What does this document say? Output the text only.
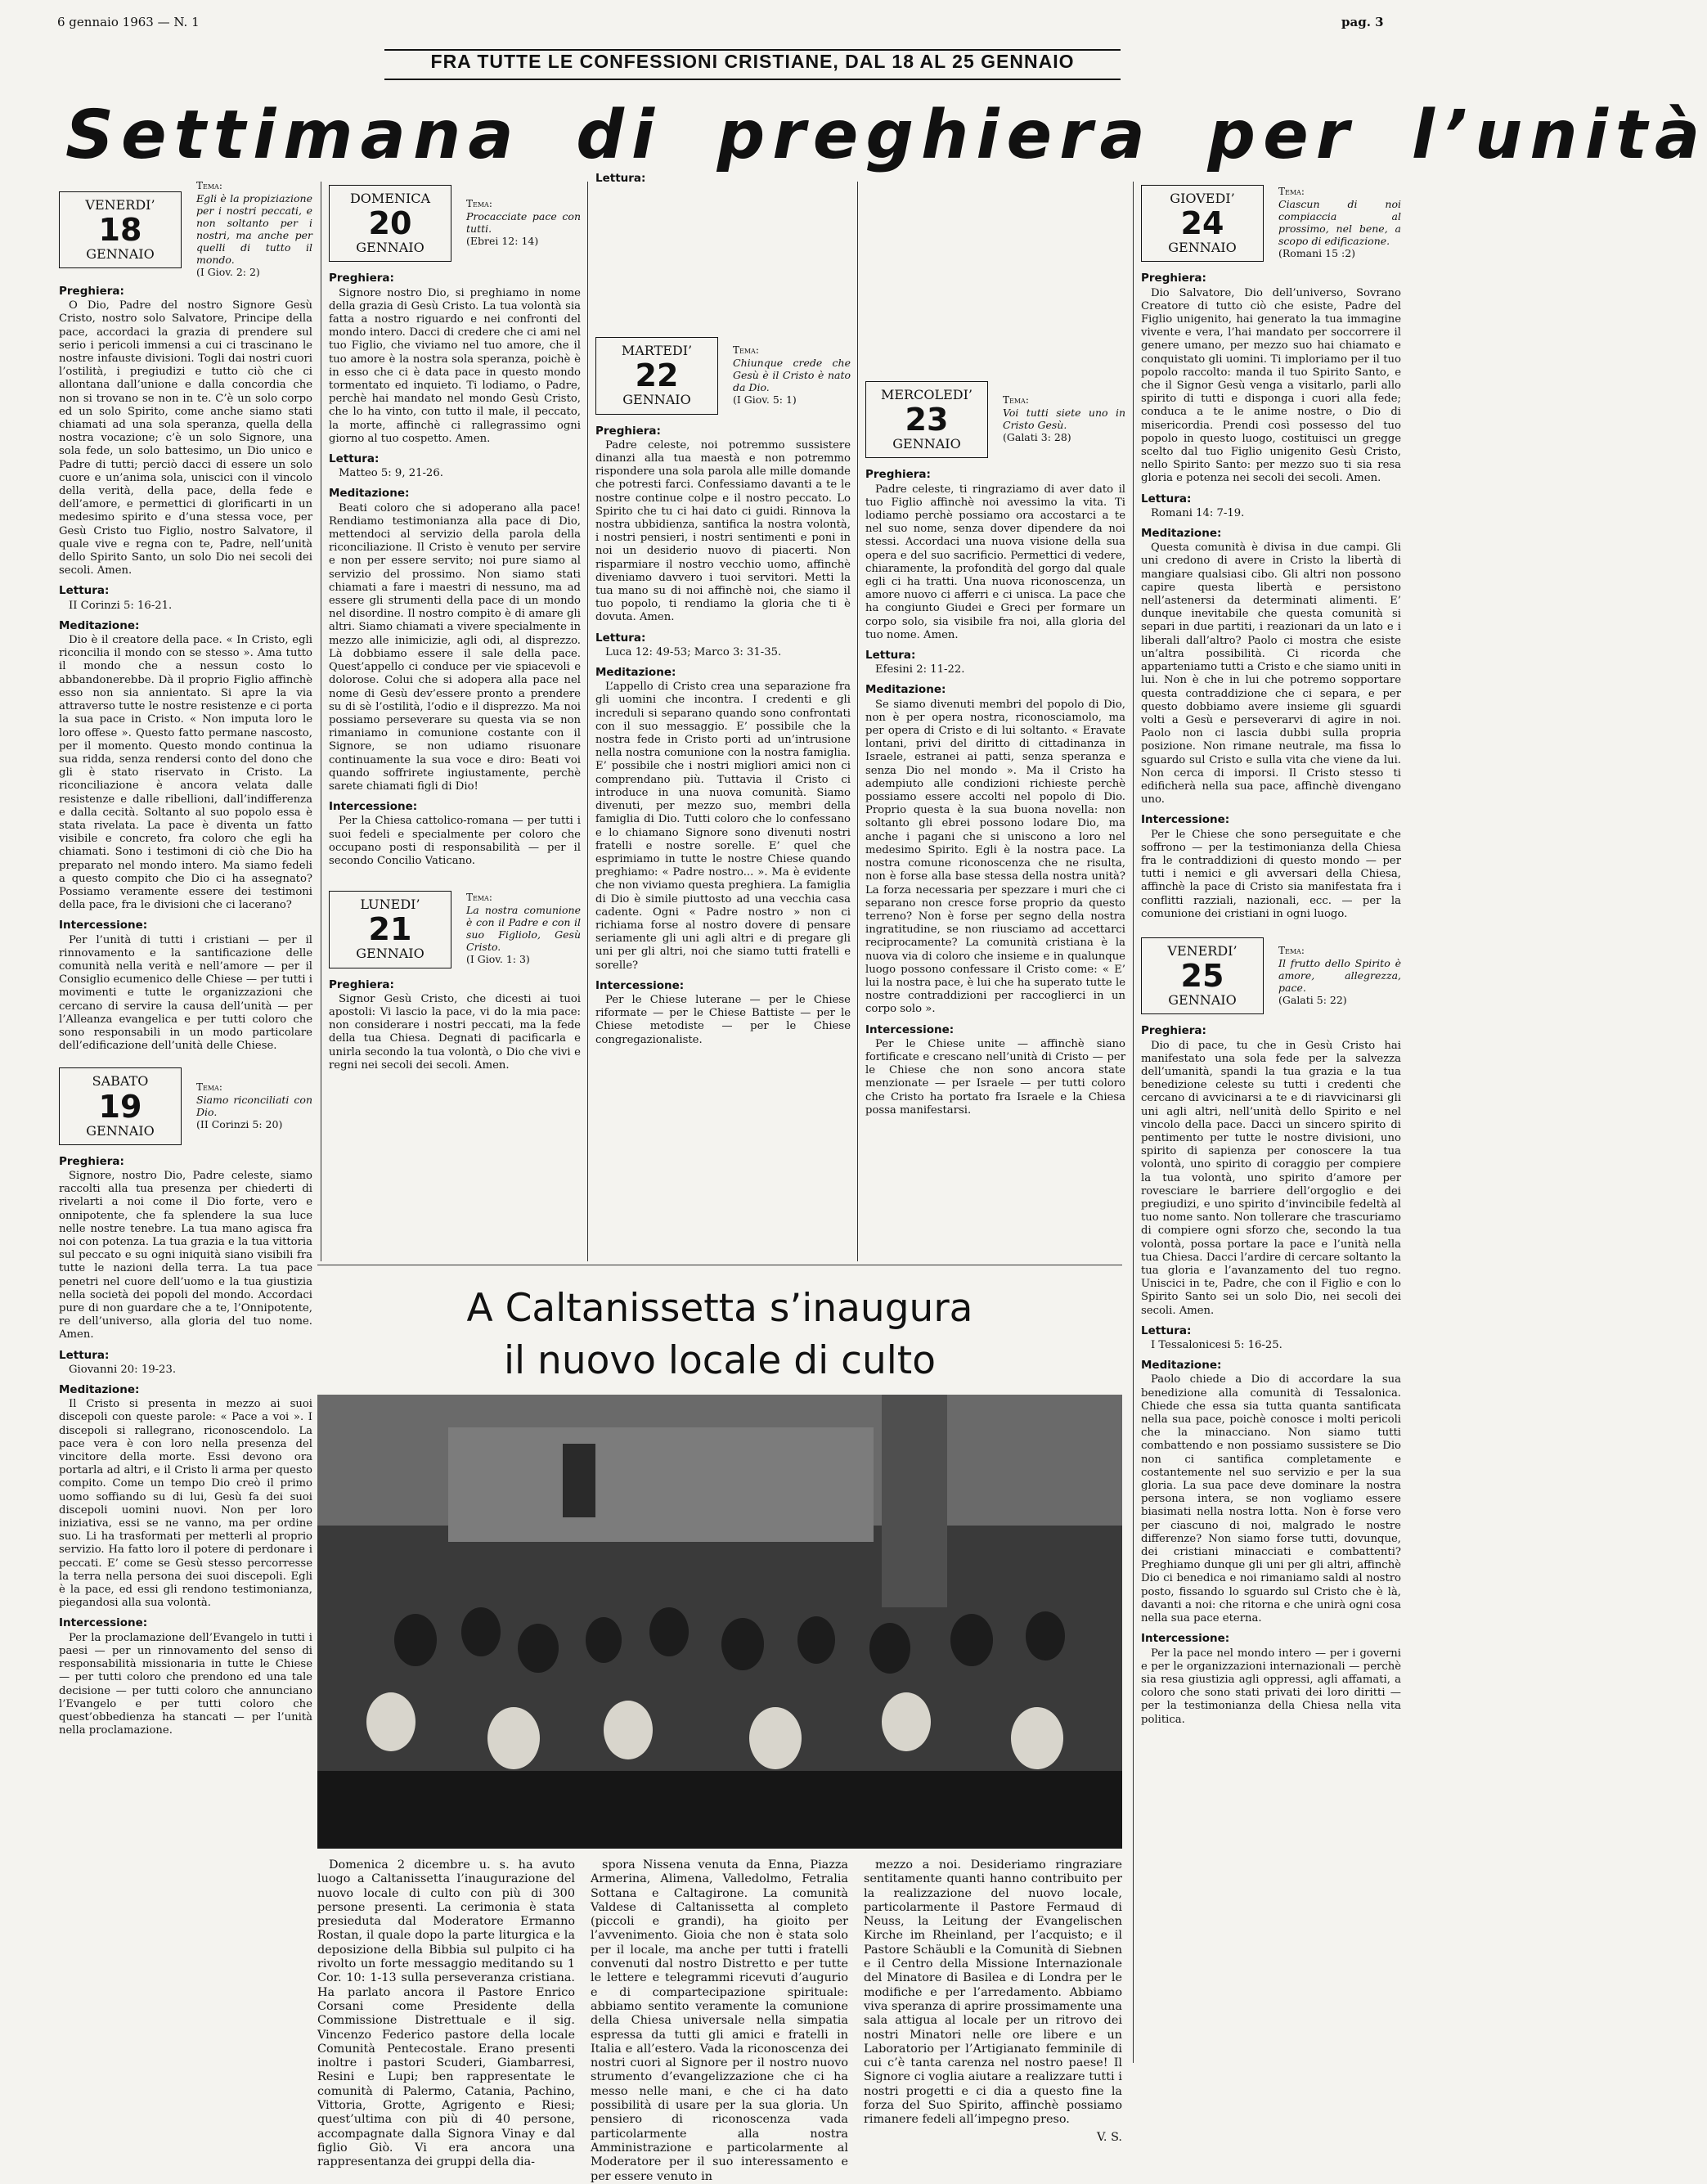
6 gennaio 1963 — N. 1	pag. 3
FRA TUTTE LE CONFESSIONI CRISTIANE, DAL 18 AL 25 GENNAIO
Settimana di preghiera per l’unità
VENERDI’
18
GENNAIO
Tema:
Egli è la propiziazione per i nostri peccati, e non soltanto per i nostri, ma anche per quelli di tutto il mondo.
(I Giov. 2: 2)
Preghiera:

O Dio, Padre del nostro Signore Gesù Cristo, nostro solo Salvatore, Principe della pace, accordaci la grazia di prendere sul serio i pericoli immensi a cui ci trascinano le nostre infauste divisioni. Togli dai nostri cuori l’ostilità, i pregiudizi e tutto ciò che ci allontana dall’unione e dalla concordia che non si trovano se non in te. C’è un solo corpo ed un solo Spirito, come anche siamo stati chiamati ad una sola speranza, quella della nostra vocazione; c’è un solo Signore, una sola fede, un solo battesimo, un Dio unico e Padre di tutti; perciò dacci di essere un solo cuore e un’anima sola, uniscici con il vincolo della verità, della pace, della fede e dell’amore, e permettici di glorificarti in un medesimo spirito e d’una stessa voce, per Gesù Cristo tuo Figlio, nostro Salvatore, il quale vive e regna con te, Padre, nell’unità dello Spirito Santo, un solo Dio nei secoli dei secoli. Amen.

Lettura:
II Corinzi 5: 16-21.
Meditazione:

Dio è il creatore della pace. « In Cristo, egli riconcilia il mondo con se stesso ». Ama tutto il mondo che a nessun costo lo abbandonerebbe. Dà il proprio Figlio affinchè esso non sia annientato. Si apre la via attraverso tutte le nostre resistenze e ci porta la sua pace in Cristo. « Non imputa loro le loro offese ». Questo fatto permane nascosto, per il momento. Questo mondo continua la sua ridda, senza rendersi conto del dono che gli è stato riservato in Cristo. La riconciliazione è ancora velata dalle resistenze e dalle ribellioni, dall’indifferenza e dalla cecità. Soltanto al suo popolo essa è stata rivelata. La pace è diventa un fatto visibile e concreto, fra coloro che egli ha chiamati. Sono i testimoni di ciò che Dio ha preparato nel mondo intero. Ma siamo fedeli a questo compito che Dio ci ha assegnato? Possiamo veramente essere dei testimoni della pace, fra le divisioni che ci lacerano?

Intercessione:

Per l’unità di tutti i cristiani — per il rinnovamento e la santificazione delle comunità nella verità e nell’amore — per il Consiglio ecumenico delle Chiese — per tutti i movimenti e tutte le organizzazioni che cercano di servire la causa dell’unità — per l’Alleanza evangelica e per tutti coloro che sono responsabili in un modo particolare dell’edificazione dell’unità delle Chiese.

SABATO
19
GENNAIO
Tema:
Siamo riconciliati con Dio.
(II Corinzi 5: 20)
Preghiera:

Signore, nostro Dio, Padre celeste, siamo raccolti alla tua presenza per chiederti di rivelarti a noi come il Dio forte, vero e onnipotente, che fa splendere la sua luce nelle nostre tenebre. La tua mano agisca fra noi con potenza. La tua grazia e la tua vittoria sul peccato e su ogni iniquità siano visibili fra tutte le nazioni della terra. La tua pace penetri nel cuore dell’uomo e la tua giustizia nella società dei popoli del mondo. Accordaci pure di non guardare che a te, l’Onnipotente, re dell’universo, alla gloria del tuo nome. Amen.

Lettura:
Giovanni 20: 19-23.
Meditazione:

Il Cristo si presenta in mezzo ai suoi discepoli con queste parole: « Pace a voi ». I discepoli si rallegrano, riconoscendolo. La pace vera è con loro nella presenza del vincitore della morte. Essi devono ora portarla ad altri, e il Cristo li arma per questo compito. Come un tempo Dio creò il primo uomo soffiando su di lui, Gesù fa dei suoi discepoli uomini nuovi. Non per loro iniziativa, essi se ne vanno, ma per ordine suo. Li ha trasformati per metterli al proprio servizio. Ha fatto loro il potere di perdonare i peccati. E’ come se Gesù stesso percorresse la terra nella persona dei suoi discepoli. Egli è la pace, ed essi gli rendono testimonianza, piegandosi alla sua volontà.

Intercessione:

Per la proclamazione dell’Evangelo in tutti i paesi — per un rinnovamento del senso di responsabilità missionaria in tutte le Chiese — per tutti coloro che prendono ed una tale decisione — per tutti coloro che annunciano l’Evangelo e per tutti coloro che quest’obbedienza ha stancati — per l’unità nella proclamazione.

DOMENICA
20
GENNAIO
Tema:
Procacciate pace con tutti.
(Ebrei 12: 14)
Preghiera:

Signore nostro Dio, si preghiamo in nome della grazia di Gesù Cristo. La tua volontà sia fatta a nostro riguardo e nei confronti del mondo intero. Dacci di credere che ci ami nel tuo Figlio, che viviamo nel tuo amore, che il tuo amore è la nostra sola speranza, poichè è in esso che ci è data pace in questo mondo tormentato ed inquieto. Ti lodiamo, o Padre, perchè hai mandato nel mondo Gesù Cristo, che lo ha vinto, con tutto il male, il peccato, la morte, affinchè ci rallegrassimo ogni giorno al tuo cospetto. Amen.

Lettura:
Matteo 5: 9, 21-26.
Meditazione:

Beati coloro che si adoperano alla pace! Rendiamo testimonianza alla pace di Dio, mettendoci al servizio della parola della riconciliazione. Il Cristo è venuto per servire e non per essere servito; noi pure siamo al servizio del prossimo. Non siamo stati chiamati a fare i maestri di nessuno, ma ad essere gli strumenti della pace di un mondo nel disordine. Il nostro compito è di amare gli altri. Siamo chiamati a vivere specialmente in mezzo alle inimicizie, agli odi, al disprezzo. Là dobbiamo essere il sale della pace. Quest’appello ci conduce per vie spiacevoli e dolorose. Colui che si adopera alla pace nel nome di Gesù dev’essere pronto a prendere su di sè l’ostilità, l’odio e il disprezzo. Ma noi possiamo perseverare su questa via se non rimaniamo in comunione costante con il Signore, se non udiamo risuonare continuamente la sua voce e diro: Beati voi quando soffrirete ingiustamente, perchè sarete chiamati figli di Dio!

Intercessione:

Per la Chiesa cattolico-romana — per tutti i suoi fedeli e specialmente per coloro che occupano posti di responsabilità — per il secondo Concilio Vaticano.

LUNEDI’
21
GENNAIO
Tema:
La nostra comunione è con il Padre e con il suo Figliolo, Gesù Cristo.
(I Giov. 1: 3)
Preghiera:

Signor Gesù Cristo, che dicesti ai tuoi apostoli: Vi lascio la pace, vi do la mia pace: non considerare i nostri peccati, ma la fede della tua Chiesa. Degnati di pacificarla e unirla secondo la tua volontà, o Dio che vivi e regni nei secoli dei secoli. Amen.

Lettura:
MARTEDI’
22
GENNAIO
Tema:
Chiunque crede che Gesù è il Cristo è nato da Dio.
(I Giov. 5: 1)
Preghiera:

Padre celeste, noi potremmo sussistere dinanzi alla tua maestà e non potremmo rispondere una sola parola alle mille domande che potresti farci. Confessiamo davanti a te le nostre continue colpe e il nostro peccato. Lo Spirito che tu ci hai dato ci guidi. Rinnova la nostra ubbidienza, santifica la nostra volontà, i nostri pensieri, i nostri sentimenti e poni in noi un desiderio nuovo di piacerti. Non risparmiare il nostro vecchio uomo, affinchè diveniamo davvero i tuoi servitori. Metti la tua mano su di noi affinchè noi, che siamo il tuo popolo, ti rendiamo la gloria che ti è dovuta. Amen.

Lettura:
Luca 12: 49-53; Marco 3: 31-35.
Meditazione:

L’appello di Cristo crea una separazione fra gli uomini che incontra. I credenti e gli increduli si separano quando sono confrontati con il suo messaggio. E’ possibile che la nostra fede in Cristo porti ad un’intrusione nella nostra comunione con la nostra famiglia. E’ possibile che i nostri migliori amici non ci comprendano più. Tuttavia il Cristo ci introduce in una nuova comunità. Siamo divenuti, per mezzo suo, membri della famiglia di Dio. Tutti coloro che lo confessano e lo chiamano Signore sono divenuti nostri fratelli e nostre sorelle. E’ quel che esprimiamo in tutte le nostre Chiese quando preghiamo: « Padre nostro... ». Ma è evidente che non viviamo questa preghiera. La famiglia di Dio è simile piuttosto ad una vecchia casa cadente. Ogni « Padre nostro » non ci richiama forse al nostro dovere di pensare seriamente gli uni agli altri e di pregare gli uni per gli altri, noi che siamo tutti fratelli e sorelle?

Intercessione:

Per le Chiese luterane — per le Chiese riformate — per le Chiese Battiste — per le Chiese metodiste — per le Chiese congregazionaliste.

MERCOLEDI’
23
GENNAIO
Tema:
Voi tutti siete uno in Cristo Gesù.
(Galati 3: 28)
Preghiera:

Padre celeste, ti ringraziamo di aver dato il tuo Figlio affinchè noi avessimo la vita. Ti lodiamo perchè possiamo ora accostarci a te nel suo nome, senza dover dipendere da noi stessi. Accordaci una nuova visione della sua opera e del suo sacrificio. Permettici di vedere, chiaramente, la profondità del gorgo dal quale egli ci ha tratti. Una nuova riconoscenza, un amore nuovo ci afferri e ci unisca. La pace che ha congiunto Giudei e Greci per formare un corpo solo, sia visibile fra noi, alla gloria del tuo nome. Amen.

Lettura:
Efesini 2: 11-22.
Meditazione:

Se siamo divenuti membri del popolo di Dio, non è per opera nostra, riconosciamolo, ma per opera di Cristo e di lui soltanto. « Eravate lontani, privi del diritto di cittadinanza in Israele, estranei ai patti, senza speranza e senza Dio nel mondo ». Ma il Cristo ha adempiuto alle condizioni richieste perchè possiamo essere accolti nel popolo di Dio. Proprio questa è la sua buona novella: non soltanto gli ebrei possono lodare Dio, ma anche i pagani che si uniscono a loro nel medesimo Spirito. Egli è la nostra pace. La nostra comune riconoscenza che ne risulta, non è forse alla base stessa della nostra unità? La forza necessaria per spezzare i muri che ci separano non cresce forse proprio da questo terreno? Non è forse per segno della nostra ingratitudine, se non riusciamo ad accettarci reciprocamente? La comunità cristiana è la nuova via di coloro che insieme e in qualunque luogo possono confessare il Cristo come: « E’ lui la nostra pace, è lui che ha superato tutte le nostre contraddizioni per raccoglierci in un corpo solo ».

Intercessione:

Per le Chiese unite — affinchè siano fortificate e crescano nell’unità di Cristo — per le Chiese che non sono ancora state menzionate — per Israele — per tutti coloro che Cristo ha portato fra Israele e la Chiesa possa manifestarsi.

GIOVEDI’
24
GENNAIO
Tema:
Ciascun di noi compiaccia al prossimo, nel bene, a scopo di edificazione.
(Romani 15 :2)
Preghiera:

Dio Salvatore, Dio dell’universo, Sovrano Creatore di tutto ciò che esiste, Padre del Figlio unigenito, hai generato la tua immagine vivente e vera, l’hai mandato per soccorrere il genere umano, per mezzo suo hai chiamato e conquistato gli uomini. Ti imploriamo per il tuo popolo raccolto: manda il tuo Spirito Santo, e che il Signor Gesù venga a visitarlo, parli allo spirito di tutti e disponga i cuori alla fede; conduca a te le anime nostre, o Dio di misericordia. Prendi così possesso del tuo popolo in questo luogo, costituisci un gregge scelto dal tuo Figlio unigenito Gesù Cristo, nello Spirito Santo: per mezzo suo ti sia resa gloria e potenza nei secoli dei secoli. Amen.

Lettura:
Romani 14: 7-19.
Meditazione:

Questa comunità è divisa in due campi. Gli uni credono di avere in Cristo la libertà di mangiare qualsiasi cibo. Gli altri non possono capire questa libertà e persistono nell’astenersi da determinati alimenti. E’ dunque inevitabile che questa comunità si separi in due partiti, i reazionari da un lato e i liberali dall’altro? Paolo ci mostra che esiste un’altra possibilità. Ci ricorda che apparteniamo tutti a Cristo e che siamo uniti in lui. Non è che in lui che potremo sopportare questa contraddizione che ci separa, e per questo dobbiamo avere insieme gli sguardi volti a Gesù e perseverarvi di agire in noi. Paolo non ci lascia dubbi sulla propria posizione. Non rimane neutrale, ma fissa lo sguardo sul Cristo e sulla vita che viene da lui. Non cerca di imporsi. Il Cristo stesso ti edificherà nella sua pace, affinchè divengano uno.

Intercessione:

Per le Chiese che sono perseguitate e che soffrono — per la testimonianza della Chiesa fra le contraddizioni di questo mondo — per tutti i nemici e gli avversari della Chiesa, affinchè la pace di Cristo sia manifestata fra i conflitti razziali, nazionali, ecc. — per la comunione dei cristiani in ogni luogo.

VENERDI’
25
GENNAIO
Tema:
Il frutto dello Spirito è amore, allegrezza, pace.
(Galati 5: 22)
Preghiera:

Dio di pace, tu che in Gesù Cristo hai manifestato una sola fede per la salvezza dell’umanità, spandi la tua grazia e la tua benedizione celeste su tutti i credenti che cercano di avvicinarsi a te e di riavvicinarsi gli uni agli altri, nell’unità dello Spirito e nel vincolo della pace. Dacci un sincero spirito di pentimento per tutte le nostre divisioni, uno spirito di sapienza per conoscere la tua volontà, uno spirito di coraggio per compiere la tua volontà, uno spirito d’amore per rovesciare le barriere dell’orgoglio e dei pregiudizi, e uno spirito d’invincibile fedeltà al tuo nome santo. Non tollerare che trascuriamo di compiere ogni sforzo che, secondo la tua volontà, possa portare la pace e l’unità nella tua Chiesa. Dacci l’ardire di cercare soltanto la tua gloria e l’avanzamento del tuo regno. Uniscici in te, Padre, che con il Figlio e con lo Spirito Santo sei un solo Dio, nei secoli dei secoli. Amen.

Lettura:
I Tessalonicesi 5: 16-25.
Meditazione:

Paolo chiede a Dio di accordare la sua benedizione alla comunità di Tessalonica. Chiede che essa sia tutta quanta santificata nella sua pace, poichè conosce i molti pericoli che la minacciano. Non siamo tutti combattendo e non possiamo sussistere se Dio non ci santifica completamente e costantemente nel suo servizio e per la sua gloria. La sua pace deve dominare la nostra persona intera, se non vogliamo essere biasimati nella nostra lotta. Non è forse vero per ciascuno di noi, malgrado le nostre differenze? Non siamo forse tutti, dovunque, dei cristiani minacciati e combattenti? Preghiamo dunque gli uni per gli altri, affinchè Dio ci benedica e noi rimaniamo saldi al nostro posto, fissando lo sguardo sul Cristo che è là, davanti a noi: che ritorna e che unirà ogni cosa nella sua pace eterna.

Intercessione:

Per la pace nel mondo intero — per i governi e per le organizzazioni internazionali — perchè sia resa giustizia agli oppressi, agli affamati, a coloro che sono stati privati dei loro diritti — per la testimonianza della Chiesa nella vita politica.

A Caltanissetta s’inaugura
il nuovo locale di culto

Domenica 2 dicembre u. s. ha avuto luogo a Caltanissetta l’inaugurazione del nuovo locale di culto con più di 300 persone presenti. La cerimonia è stata presieduta dal Moderatore Ermanno Rostan, il quale dopo la parte liturgica e la deposizione della Bibbia sul pulpito ci ha rivolto un forte messaggio meditando su 1 Cor. 10: 1-13 sulla perseveranza cristiana. Ha parlato ancora il Pastore Enrico Corsani come Presidente della Commissione Distrettuale e il sig. Vincenzo Federico pastore della locale Comunità Pentecostale. Erano presenti inoltre i pastori Scuderi, Giambarresi, Resini e Lupi; ben rappresentate le comunità di Palermo, Catania, Pachino, Vittoria, Grotte, Agrigento e Riesi; quest’ultima con più di 40 persone, accompagnate dalla Signora Vinay e dal figlio Giò. Vi era ancora una rappresentanza dei gruppi della dia-

spora Nissena venuta da Enna, Piazza Armerina, Alimena, Valledolmo, Fetralia Sottana e Caltagirone. La comunità Valdese di Caltanissetta al completo (piccoli e grandi), ha gioito per l’avvenimento. Gioia che non è stata solo per il locale, ma anche per tutti i fratelli convenuti dal nostro Distretto e per tutte le lettere e telegrammi ricevuti d’augurio e di compartecipazione spirituale: abbiamo sentito veramente la comunione della Chiesa universale nella simpatia espressa da tutti gli amici e fratelli in Italia e all’estero. Vada la riconoscenza dei nostri cuori al Signore per il nostro nuovo strumento d’evangelizzazione che ci ha messo nelle mani, e che ci ha dato possibilità di usare per la sua gloria. Un pensiero di riconoscenza vada particolarmente alla nostra Amministrazione e particolarmente al Moderatore per il suo interessamento e per essere venuto in

mezzo a noi. Desideriamo ringraziare sentitamente quanti hanno contribuito per la realizzazione del nuovo locale, particolarmente il Pastore Fermaud di Neuss, la Leitung der Evangelischen Kirche im Rheinland, per l’acquisto; e il Pastore Schäubli e la Comunità di Siebnen e il Centro della Missione Internazionale del Minatore di Basilea e di Londra per le modifiche e per l’arredamento. Abbiamo viva speranza di aprire prossimamente una sala attigua al locale per un ritrovo dei nostri Minatori nelle ore libere e un Laboratorio per l’Artigianato femminile di cui c’è tanta carenza nel nostro paese! Il Signore ci voglia aiutare a realizzare tutti i nostri progetti e ci dia a questo fine la forza del Suo Spirito, affinchè possiamo rimanere fedeli all’impegno preso.

V. S.
